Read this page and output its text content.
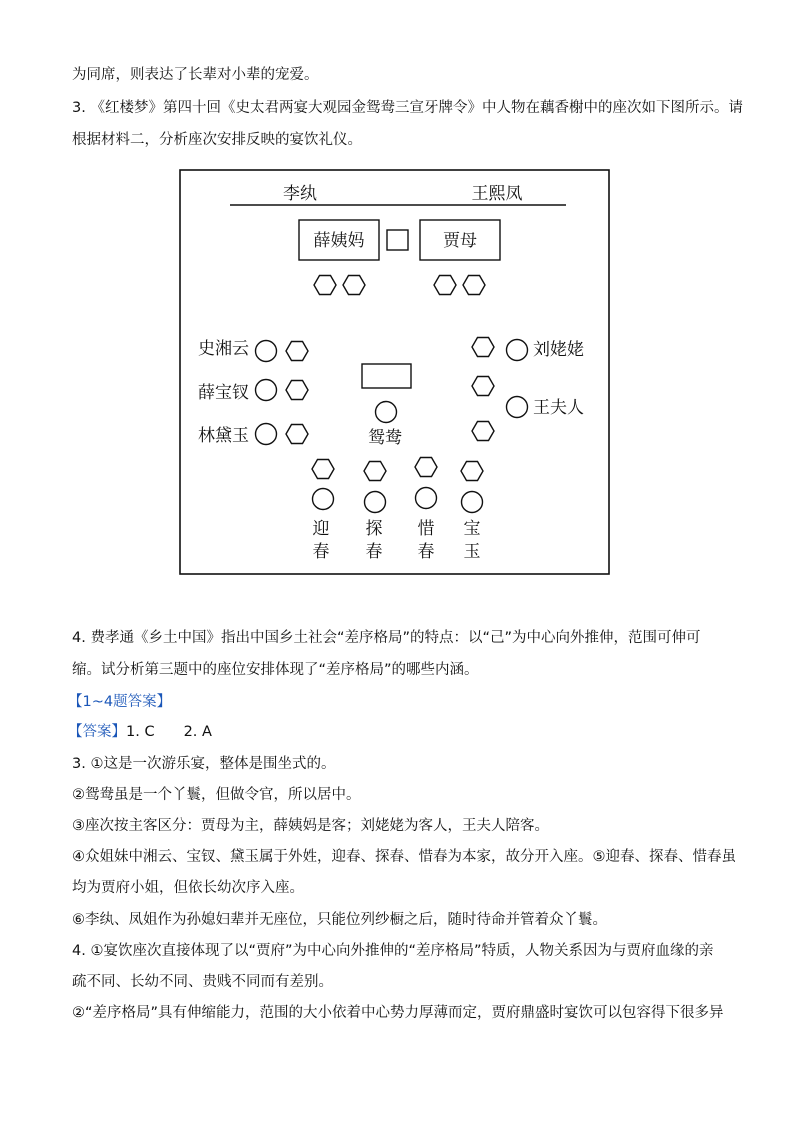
为同席，则表达了长辈对小辈的宠爱。
3. 《红楼梦》第四十回《史太君两宴大观园金鸳鸯三宣牙牌令》中人物在藕香榭中的座次如下图所示。请
根据材料二，分析座次安排反映的宴饮礼仪。
李纨	王熙凤
薛姨妈	贾母
史湘云
薛宝钗
林黛玉
刘姥姥
王夫人
鸳鸯
迎
春
探
春
惜
春
宝
玉
4. 费孝通《乡土中国》指出中国乡土社会“差序格局”的特点：以“己”为中心向外推伸，范围可伸可
缩。试分析第三题中的座位安排体现了“差序格局”的哪些内涵。
【1~4题答案】
【答案】1. C　　2. A
3. ①这是一次游乐宴，整体是围坐式的。
②鸳鸯虽是一个丫鬟，但做令官，所以居中。
③座次按主客区分：贾母为主，薛姨妈是客；刘姥姥为客人，王夫人陪客。
④众姐妹中湘云、宝钗、黛玉属于外姓，迎春、探春、惜春为本家，故分开入座。⑤迎春、探春、惜春虽
均为贾府小姐，但依长幼次序入座。
⑥李纨、凤姐作为孙媳妇辈并无座位，只能位列纱橱之后，随时待命并管着众丫鬟。
4. ①宴饮座次直接体现了以“贾府”为中心向外推伸的“差序格局”特质，人物关系因为与贾府血缘的亲
疏不同、长幼不同、贵贱不同而有差别。
②“差序格局”具有伸缩能力，范围的大小依着中心势力厚薄而定，贾府鼎盛时宴饮可以包容得下很多异
